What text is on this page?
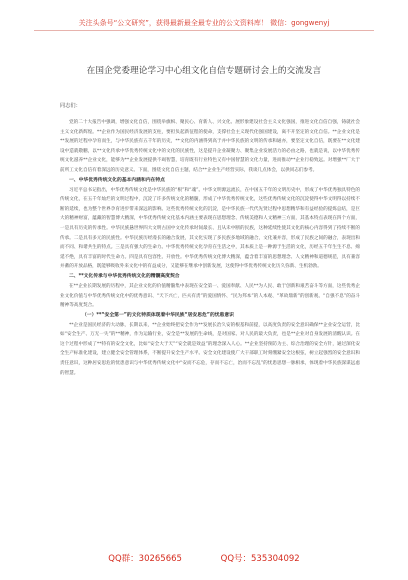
关注头条号“公文研究”，获得最新最全最专业的公文资料库！ 微信：gongwenyj
在国企党委理论学习中心组文化自信专题研讨会上的交流发言
同志们：

党的二十大报告中强调，增强文化自信，围绕举旗帜、聚民心、育新人、兴文化、展形象建设社会主义文化强国，推进文化自信自强，铸就社会主义文化新辉煌。**企业作为国民经济发展的支柱，要担负起新征程的使命，支撑社会主义现代化强国建设，离不开坚定的文化自信。**企业文化是**发展的过程中孕育而生，与中华民族有五千年的历史，**文化的内涵得到高于并中华民族的文明的传承和通亦，要坚定文化自信，既要在**文化建设中造就敬鹏，以**文化传承中华优秀传统文化中的文化的民族性，这是提升企业凝聚力、聚集企业发展活力的必由之路，也就是说，以中华优秀传统文化滋养**企业文化，能够为**企业发展提供不竭智慧，培育既有行业特色又有中国智慧的文化力量，进而推动**企业行稳致远。对增强**厂大于前所工文化自信有着深远的历史意义。下面，围绕文化自信主题，结合**企业生产经营实际，我谈几点体会，以供同志们参考。

一、中华优秀传统文化的基本内涵和内在特点

习近平总书记指出，中华优秀传统文化是中华民族的“根”和“魂”。中华文明源远流长，在中国五千年的文明历史中，形成了中华优秀独具特色的传统文化，在五千年灿烂的文明过程中，沉淀了许多传统文化的精髓，形成了中华优秀传统文化，这些优秀传统文化的沉淀使得中华文明得以持续不断的延续，也为整个世界孕育进步带来深远的影响。这些优秀传统文化的沉淀，是中华民族一代代先贤过程中思想精华和有益经验的提炼总结，是巨大的精神财富，蕴藏的智慧博大精深，中华优秀传统文化基本内涵主要表现在思想理念、传统美德和人文精神三方面，其基本特点表现在四个方面，一是具有历史的传承性。中华民族悬世界四大文明古国中文化传承时间最长、且从未中断的民族，这种延续性使其文化的核心内容得到了持续不断的传承。二是具有多元的民族性。中华民族历经漫长的融合发展，其文化实现了多民族多地域的融合，文化兼并容，形成了民族之间的融合，表现出和而不同、和谐共生的特点。三是具有强大的生命力。中华优秀传统文化孕育在生活之中，其本质上是一种源于生活的文化，历经五千年生生不息、绵延不绝，具有丰富的时代生命力。四是具有包容性、开放性。中华优秀传统文化博大精深，蕴含着丰富的思想理念、人文精神和道德规范，具有兼容并蓄的开放品格，既能够吸收外来文化中的有益成分，又能够在继承中创新发展，这使得中华优秀传统文化历久弥新、生机勃勃。

二、**文化传承与中华优秀传统文化的精髓高度契合

在**企业长期发展的历程中，其企业文化的价值精髓集中表现在安全第一、爱国奉献、人民**为人民、敢于创新和艰苦奋斗等方面，这些优秀企业文化价值与中华优秀传统文化中的优秀意识、“天下兴亡，匹夫有责”的爱国情怀、“民为邦本”的人本观、“革故鼎新”的创新观、“自强不息”的奋斗精神等高度契合。

（一）**“安全第一”的文化特质体现着中华民族“居安思危”的忧患意识

**企业是国民经济的大动脉，长期以来，**企业始终把安全作为**发展长治久安的根基和前提，以高度负责的安全意识确保**企业安全运营，比如“安全生产、万无一失”的**精神，作为运输行业，安全是**发展的生命线，是对国家、对人民的最大负责，也是**企业对自身发展的清醒认识。在这个过程中形成了**特有的安全文化，比如“安全大于天”“安全就是效益”的理念深入人心。**企业坚持预防为主、综合治理的安全方针，通过深化安全生产标准化建设，建立健全安全管理体系，不断提升安全生产水平。安全文化建设使广大干部职工时刻绷紧安全这根弦，树立起强烈的安全意识和责任意识，这种居安思危的忧患意识与中华优秀传统文化中“安而不忘危，存而不忘亡，治而不忘乱”的忧患思想一脉相承，体现着中华民族深谋远虑的智慧。

QQ群：30265665	QQ号：535304092
